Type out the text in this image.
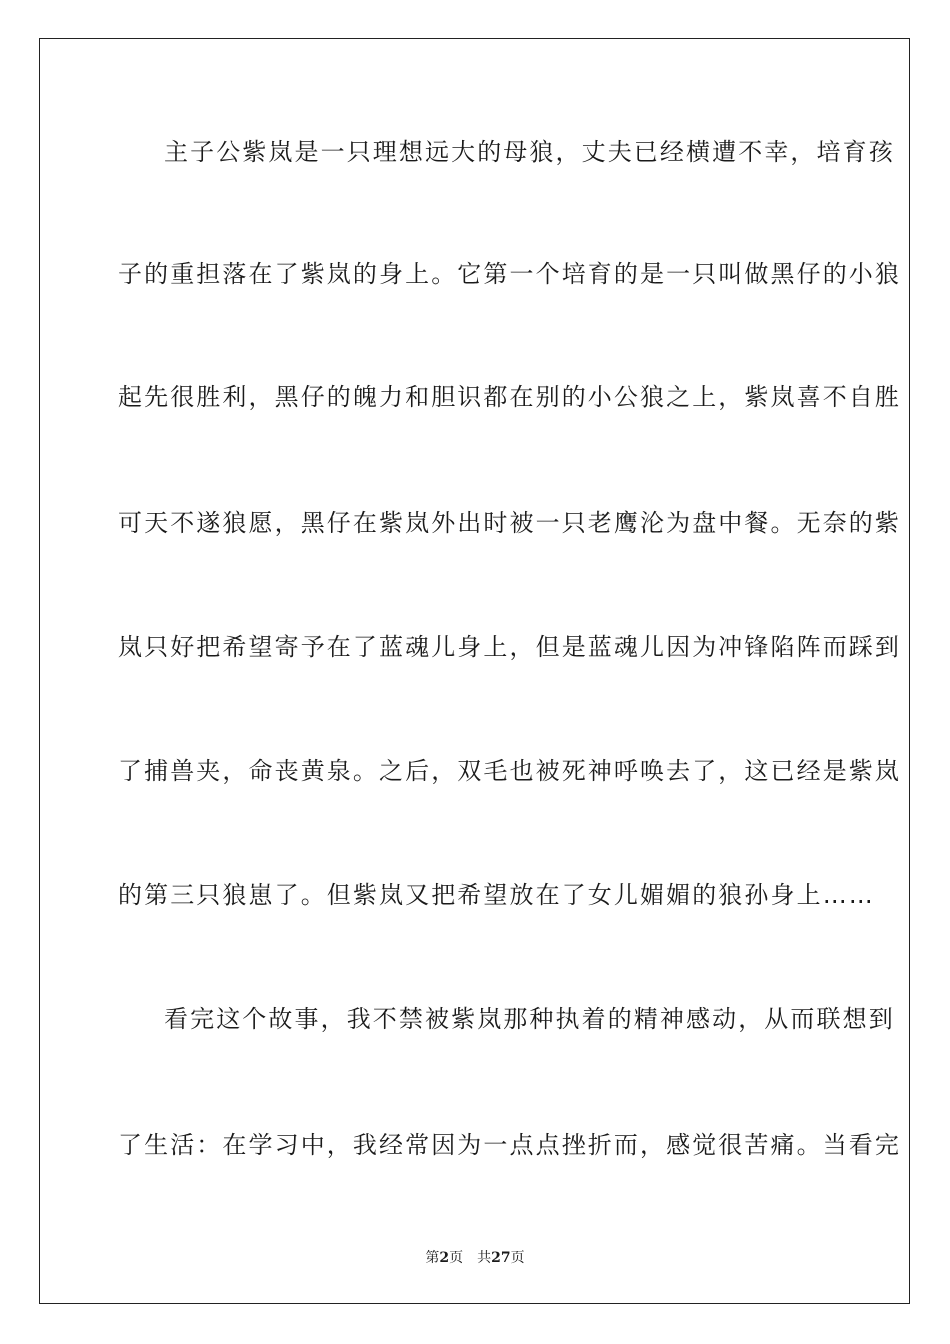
主子公紫岚是一只理想远大的母狼，丈夫已经横遭不幸，培育孩
子的重担落在了紫岚的身上。它第一个培育的是一只叫做黑仔的小狼
起先很胜利，黑仔的魄力和胆识都在别的小公狼之上，紫岚喜不自胜
可天不遂狼愿，黑仔在紫岚外出时被一只老鹰沦为盘中餐。无奈的紫
岚只好把希望寄予在了蓝魂儿身上，但是蓝魂儿因为冲锋陷阵而踩到
了捕兽夹，命丧黄泉。之后，双毛也被死神呼唤去了，这已经是紫岚
的第三只狼崽了。但紫岚又把希望放在了女儿媚媚的狼孙身上……
看完这个故事，我不禁被紫岚那种执着的精神感动，从而联想到
了生活：在学习中，我经常因为一点点挫折而，感觉很苦痛。当看完
第2页 共27页
